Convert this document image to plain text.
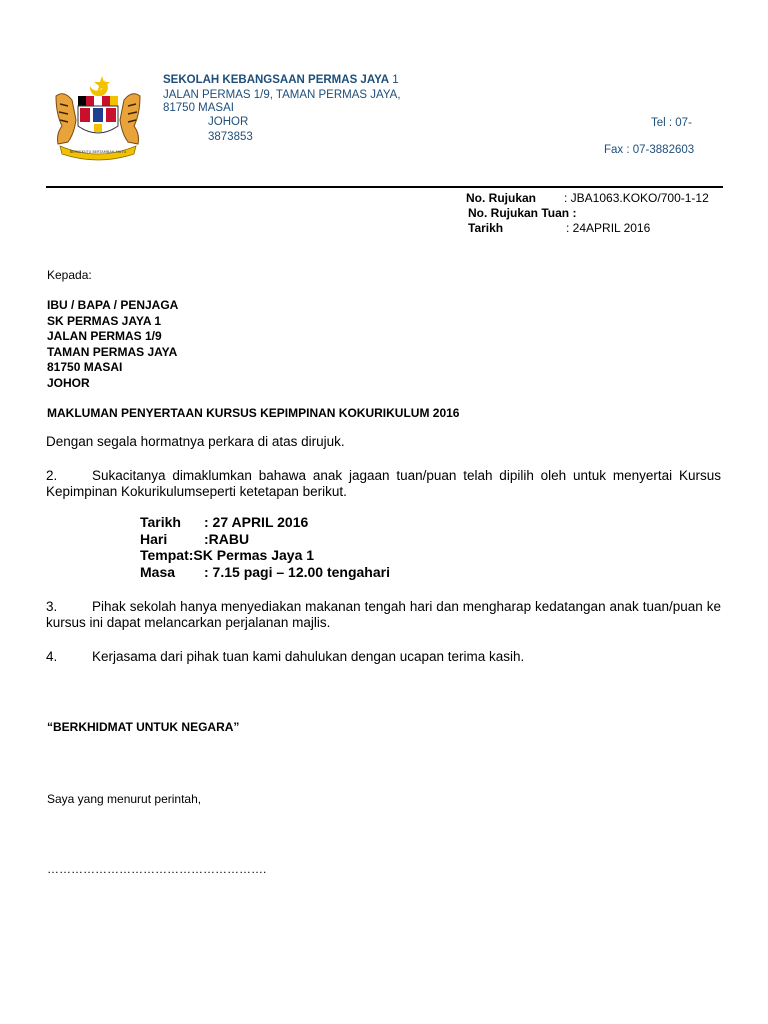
BERSEKUTU BERTAMBAH MUTU
SEKOLAH KEBANGSAAN PERMAS JAYA 1
JALAN PERMAS 1/9, TAMAN PERMAS JAYA,
81750 MASAI
JOHOR
3873853
Tel : 07-
Fax : 07-3882603
No. Rujukan : JBA1063.KOKO/700-1-12
No. Rujukan Tuan :
Tarikh	: 24APRIL 2016
Kepada:
IBU / BAPA / PENJAGA
SK PERMAS JAYA 1
JALAN PERMAS 1/9
TAMAN PERMAS JAYA
81750 MASAI
JOHOR
MAKLUMAN PENYERTAAN KURSUS KEPIMPINAN KOKURIKULUM 2016
Dengan segala hormatnya perkara di atas dirujuk.
2.	Sukacitanya dimaklumkan bahawa anak jagaan tuan/puan telah dipilih oleh untuk menyertai Kursus Kepimpinan Kokurikulumseperti ketetapan berikut.
Tarikh : 27 APRIL 2016
Hari	:RABU
Tempat:SK Permas Jaya 1
Masa : 7.15 pagi – 12.00 tengahari
3.	Pihak sekolah hanya menyediakan makanan tengah hari dan mengharap kedatangan anak tuan/puan ke kursus ini dapat melancarkan perjalanan majlis.
4.	Kerjasama dari pihak tuan kami dahulukan dengan ucapan terima kasih.
“BERKHIDMAT UNTUK NEGARA”
Saya yang menurut perintah,
……………………………………………….
